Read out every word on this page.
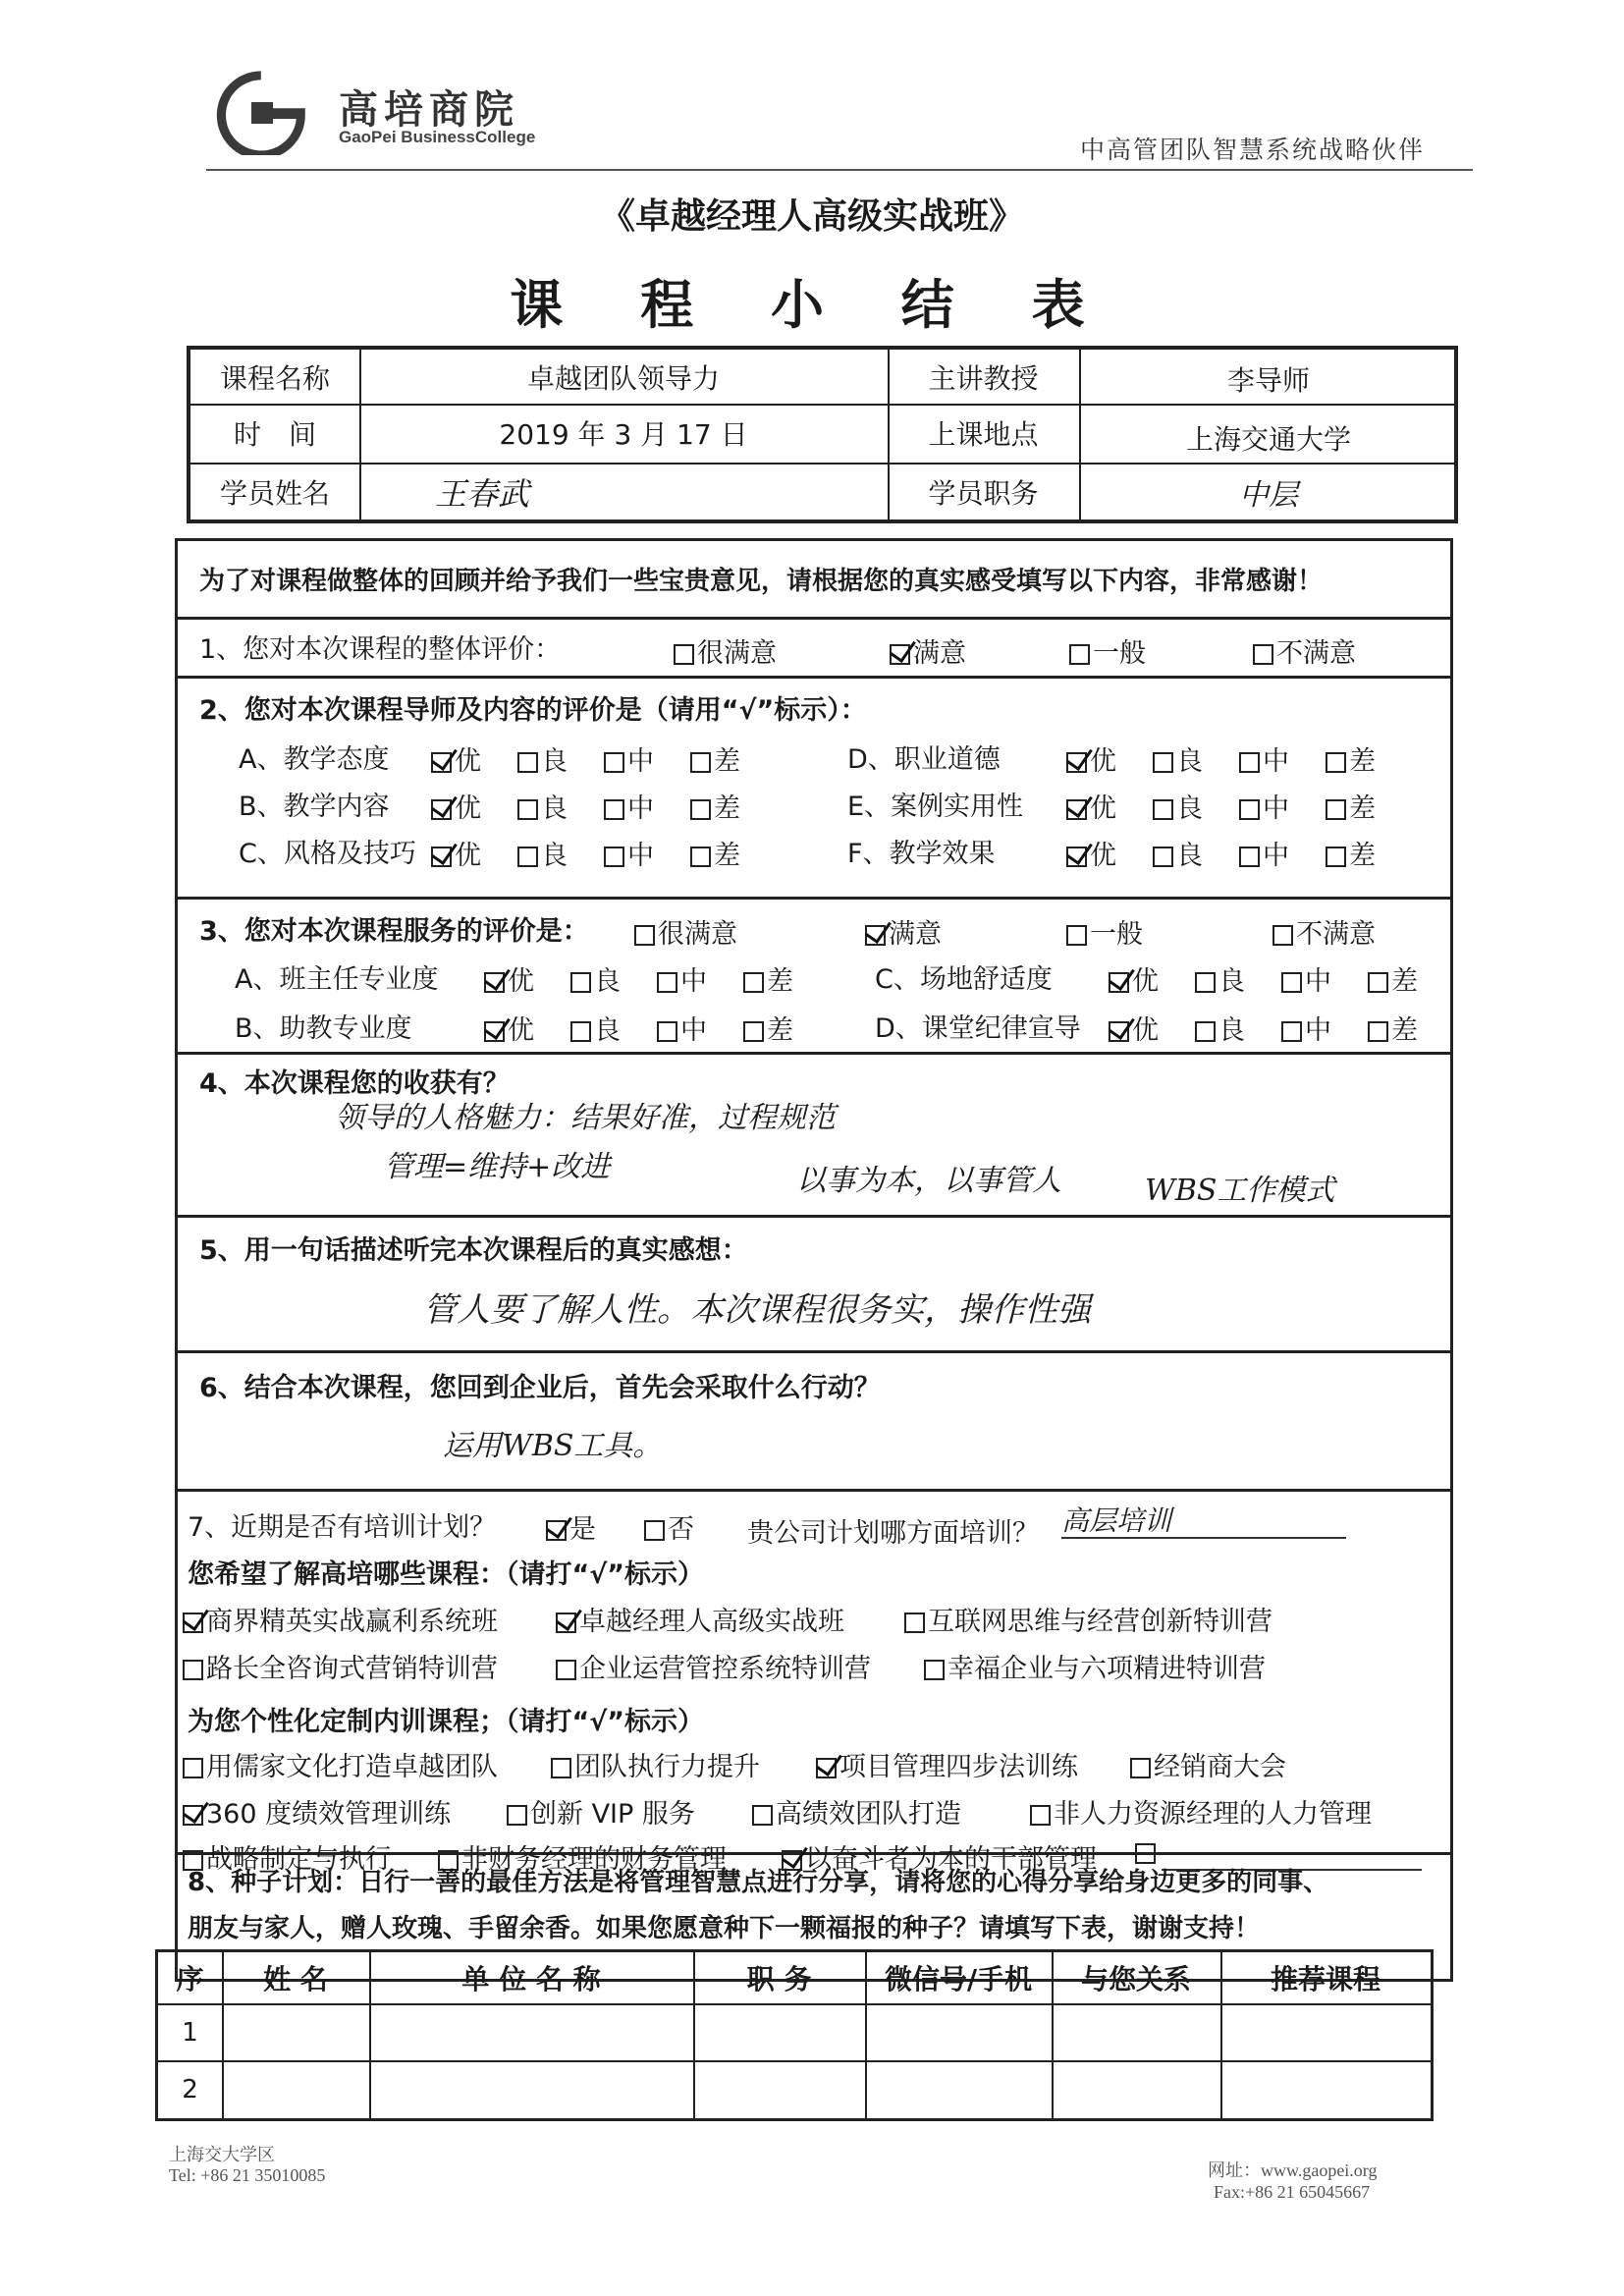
高培商院
GaoPei BusinessCollege	中高管团队智慧系统战略伙伴
《卓越经理人高级实战班》
课 程 小 结 表
课程名称	卓越团队领导力	主讲教授	李导师
时　间	2019 年 3 月 17 日	上课地点	上海交通大学
学员姓名	王春武	学员职务	中层
为了对课程做整体的回顾并给予我们一些宝贵意见，请根据您的真实感受填写以下内容，非常感谢！
1、您对本次课程的整体评价：	很满意	满意	一般	不满意
2、您对本次课程导师及内容的评价是（请用“√”标示）：
A、教学态度	优	良	中	差
B、教学内容	优	良	中	差
C、风格及技巧	优	良	中	差
D、职业道德	优	良	中	差
E、案例实用性	优	良	中	差
F、教学效果	优	良	中	差
3、您对本次课程服务的评价是：	很满意	满意	一般	不满意
A、班主任专业度	优	良	中	差
B、助教专业度	优	良	中	差
C、场地舒适度	优	良	中	差
D、课堂纪律宣导	优	良	中	差
4、本次课程您的收获有？
领导的人格魅力：结果好准，过程规范
管理=维持+改进	以事为本，以事管人	WBS工作模式
5、用一句话描述听完本次课程后的真实感想：
管人要了解人性。本次课程很务实，操作性强
6、结合本次课程，您回到企业后，首先会采取什么行动？
运用WBS工具。
7、近期是否有培训计划？	是	否 贵公司计划哪方面培训？ 高层培训
您希望了解高培哪些课程：（请打“√”标示）
商界精英实战赢利系统班	卓越经理人高级实战班	互联网思维与经营创新特训营
路长全咨询式营销特训营	企业运营管控系统特训营	幸福企业与六项精进特训营
为您个性化定制内训课程；（请打“√”标示）
用儒家文化打造卓越团队	团队执行力提升	项目管理四步法训练	经销商大会
360 度绩效管理训练	创新 VIP 服务	高绩效团队打造	非人力资源经理的人力管理
战略制定与执行	非财务经理的财务管理	以奋斗者为本的干部管理
8、种子计划：日行一善的最佳方法是将管理智慧点进行分享，请将您的心得分享给身边更多的同事、
朋友与家人，赠人玫瑰、手留余香。如果您愿意种下一颗福报的种子？请填写下表，谢谢支持！
序	姓 名	单 位 名 称	职 务	微信号/手机	与您关系	推荐课程
1
2
上海交大学区
Tel: +86 21 35010085	网址：www.gaopei.org
Fax:+86 21 65045667
